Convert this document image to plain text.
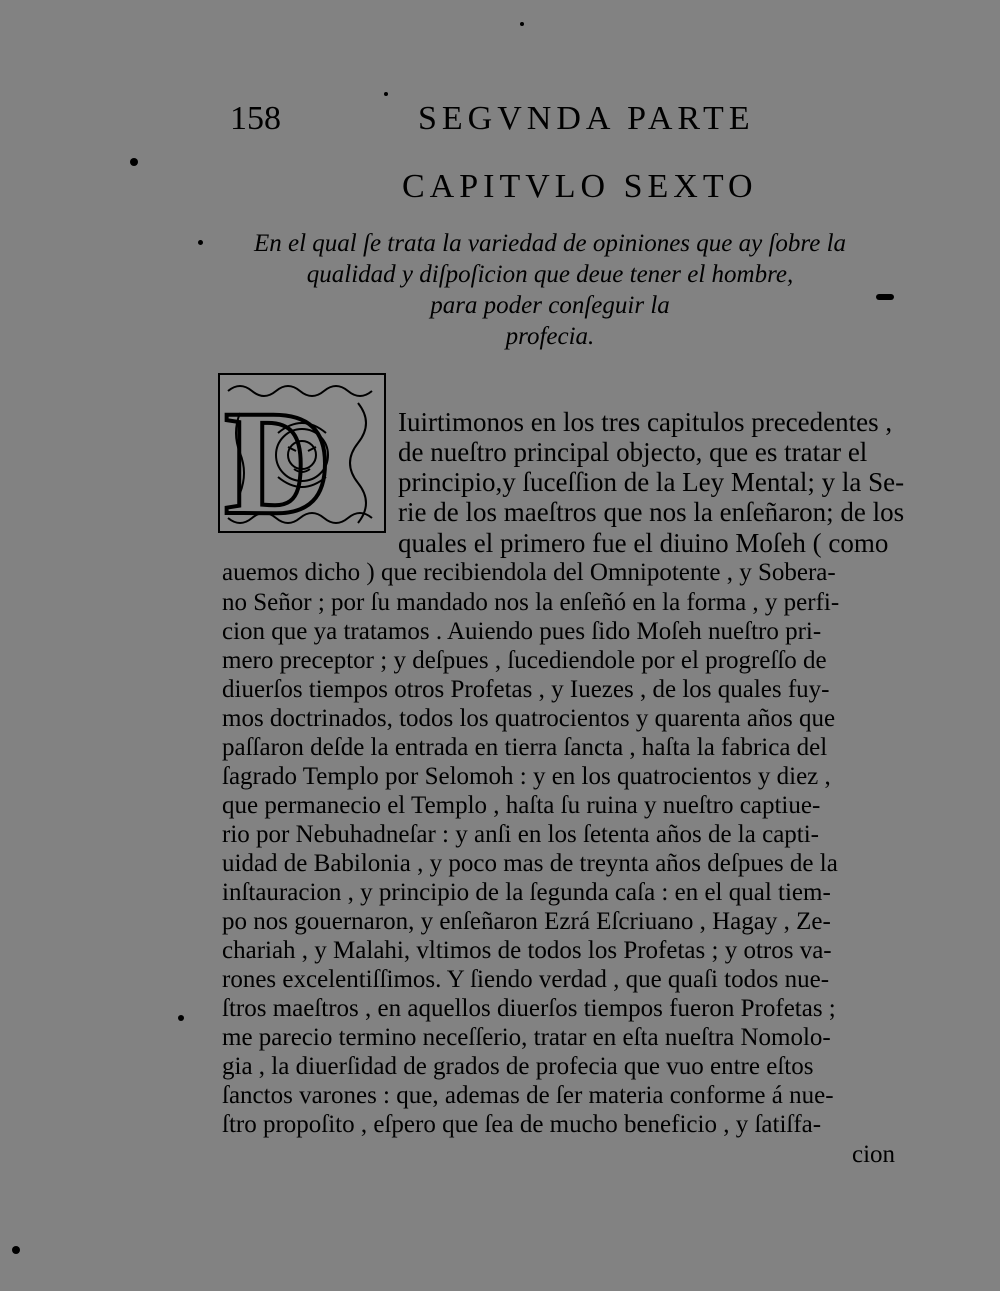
158	SEGVNDA PARTE
CAPITVLO SEXTO
En el qual ſe trata la variedad de opiniones que ay ſobre la
qualidad y diſpoſicion que deue tener el hombre,
para poder conſeguir la
profecia.
D Iuirtimonos en los tres capitulos precedentes ,
de nueſtro principal objecto, que es tratar el
principio,y ſuceſſion de la Ley Mental; y la Se-
rie de los maeſtros que nos la enſeñaron; de los
quales el primero fue el diuino Moſeh ( como
auemos dicho ) que recibiendola del Omnipotente , y Sobera-
no Señor ; por ſu mandado nos la enſeñó en la forma , y perfi-
cion que ya tratamos . Auiendo pues ſido Moſeh nueſtro pri-
mero preceptor ; y deſpues , ſucediendole por el progreſſo de
diuerſos tiempos otros Profetas , y Iuezes , de los quales fuy-
mos doctrinados, todos los quatrocientos y quarenta años que
paſſaron deſde la entrada en tierra ſancta , haſta la fabrica del
ſagrado Templo por Selomoh : y en los quatrocientos y diez ,
que permanecio el Templo , haſta ſu ruina y nueſtro captiue-
rio por Nebuhadneſar : y anſi en los ſetenta años de la capti-
uidad de Babilonia , y poco mas de treynta años deſpues de la
inſtauracion , y principio de la ſegunda caſa : en el qual tiem-
po nos gouernaron, y enſeñaron Ezrá Eſcriuano , Hagay , Ze-
chariah , y Malahi, vltimos de todos los Profetas ; y otros va-
rones excelentiſſimos. Y ſiendo verdad , que quaſi todos nue-
ſtros maeſtros , en aquellos diuerſos tiempos fueron Profetas ;
me parecio termino neceſſerio, tratar en eſta nueſtra Nomolo-
gia , la diuerſidad de grados de profecia que vuo entre eſtos
ſanctos varones : que, ademas de ſer materia conforme á nue-
ſtro propoſito , eſpero que ſea de mucho beneficio , y ſatiſfa-
cion
